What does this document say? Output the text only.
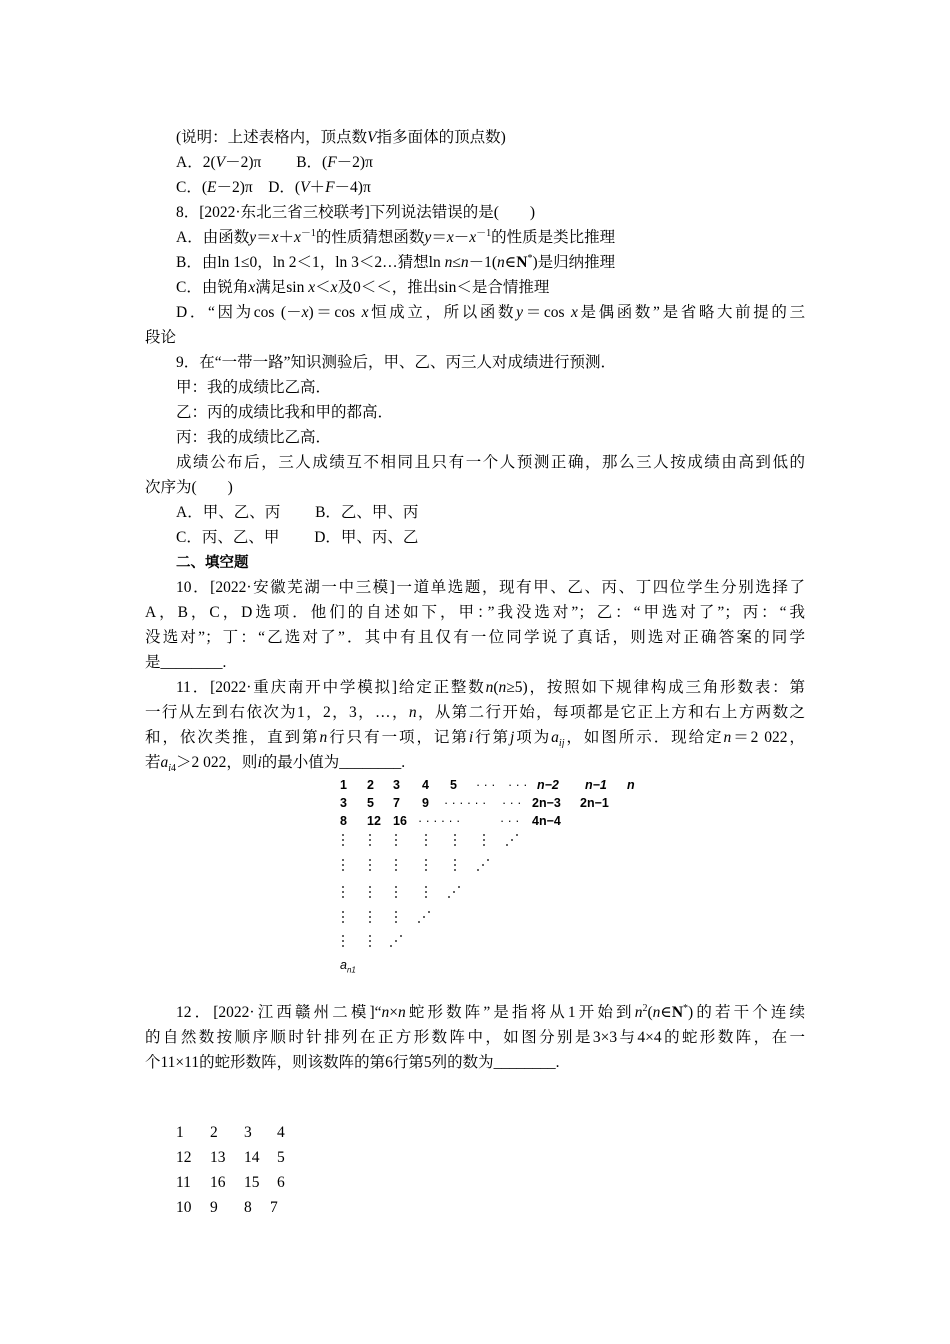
(说明：上述表格内，顶点数V指多面体的顶点数)
A．2(V－2)π　　 B．(F－2)π
C．(E－2)π　D．(V＋F－4)π
8．[2022·东北三省三校联考]下列说法错误的是(　　)
A．由函数$y=x+x^{-1}$的性质猜想函数$y=x-x^{-1}$的性质是类比推理
B．由ln 1≤0，ln 2＜1，ln 3＜2…猜想ln n≤n－1(n∈N*)是归纳推理
C．由锐角x满足sin x＜x及0＜＜，推出sin＜是合情推理
D．“因为cos (－x)＝cos x恒成立，所以函数y＝cos x是偶函数”是省略大前提的三
段论
9．在“一带一路”知识测验后，甲、乙、丙三人对成绩进行预测．
甲：我的成绩比乙高．
乙：丙的成绩比我和甲的都高．
丙：我的成绩比乙高．
成绩公布后，三人成绩互不相同且只有一个人预测正确，那么三人按成绩由高到低的
次序为(　　)
A．甲、乙、丙　　 B．乙、甲、丙
C．丙、乙、甲　　 D．甲、丙、乙
二、填空题
10．[2022·安徽芜湖一中三模]一道单选题，现有甲、乙、丙、丁四位学生分别选择了
A，B，C，D选项．他们的自述如下，甲：”我没选对”；乙：“甲选对了”；丙：“我
没选对”；丁：“乙选对了”．其中有且仅有一位同学说了真话，则选对正确答案的同学
是________.
11．[2022·重庆南开中学模拟]给定正整数n(n≥5)，按照如下规律构成三角形数表：第
一行从左到右依次为1，2，3，…，n，从第二行开始，每项都是它正上方和右上方两数之
和，依次类推，直到第n行只有一项，记第i行第j项为$a_{ij}$，如图所示．现给定n＝2 022，
若$a_{i4}>2$ 022，则i的最小值为________.
1 2 3 4 5 · · · · · · n−2 n−1 n
3 5 7 9 · · · · · · · · · 2n−3 2n−1
8 12 16 · · · · · ·	· · · 4n−4
$a_{n1}$
12．[2022·江西赣州二模]“n×n蛇形数阵”是指将从1开始到$n^2(n\in N^*)$的若干个连续
的自然数按顺序顺时针排列在正方形数阵中，如图分别是3×3与4×4的蛇形数阵，在一
个11×11的蛇形数阵，则该数阵的第6行第5列的数为________.
1 2 3 4
12 13 14 5
11 16 15 6
10 9 8 7
